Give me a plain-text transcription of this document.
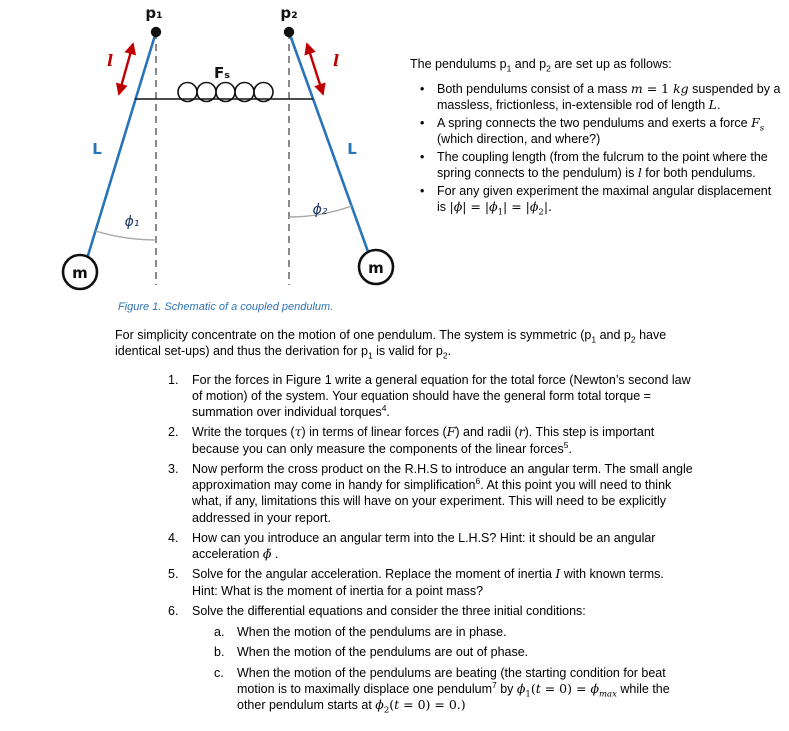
p₁	p₂
Fₛ
l	l
L	L
ϕ₁
ϕ₂
m	m

The pendulums $p_1$ and $p_2$ are set up as follows:

•	Both pendulums consist of a mass m = 1 kg suspended by a massless, frictionless, in-extensible rod of length L.
•	A spring connects the two pendulums and exerts a force $F_s$ (which direction, and where?)
•	The coupling length (from the fulcrum to the point where the spring connects to the pendulum) is l for both pendulums.
•	For any given experiment the maximal angular displacement is $|\phi| = |\phi_1| = |\phi_2|$.
Figure 1. Schematic of a coupled pendulum.

For simplicity concentrate on the motion of one pendulum. The system is symmetric ($p_1$ and $p_2$ have identical set-ups) and thus the derivation for $p_1$ is valid for $p_2$.

1.	For the forces in Figure 1 write a general equation for the total force (Newton’s second law of motion) of the system. Your equation should have the general form total torque = summation over individual torques$^4$.
2.	Write the torques (τ) in terms of linear forces (F) and radii (r). This step is important because you can only measure the components of the linear forces$^5$.
3.	Now perform the cross product on the R.H.S to introduce an angular term. The small angle approximation may come in handy for simplification$^6$. At this point you will need to think what, if any, limitations this will have on your experiment. This will need to be explicitly addressed in your report.
4.	How can you introduce an angular term into the L.H.S? Hint: it should be an angular acceleration ϕ̈ .
5.	Solve for the angular acceleration. Replace the moment of inertia I with known terms. Hint: What is the moment of inertia for a point mass?
6.	Solve the differential equations and consider the three initial conditions:
a.	When the motion of the pendulums are in phase.
b.	When the motion of the pendulums are out of phase.
c.	When the motion of the pendulums are beating (the starting condition for beat motion is to maximally displace one pendulum$^7$ by $\phi_1(t = 0) = \phi_{max}$ while the other pendulum starts at $\phi_2(t = 0) = 0$.)
